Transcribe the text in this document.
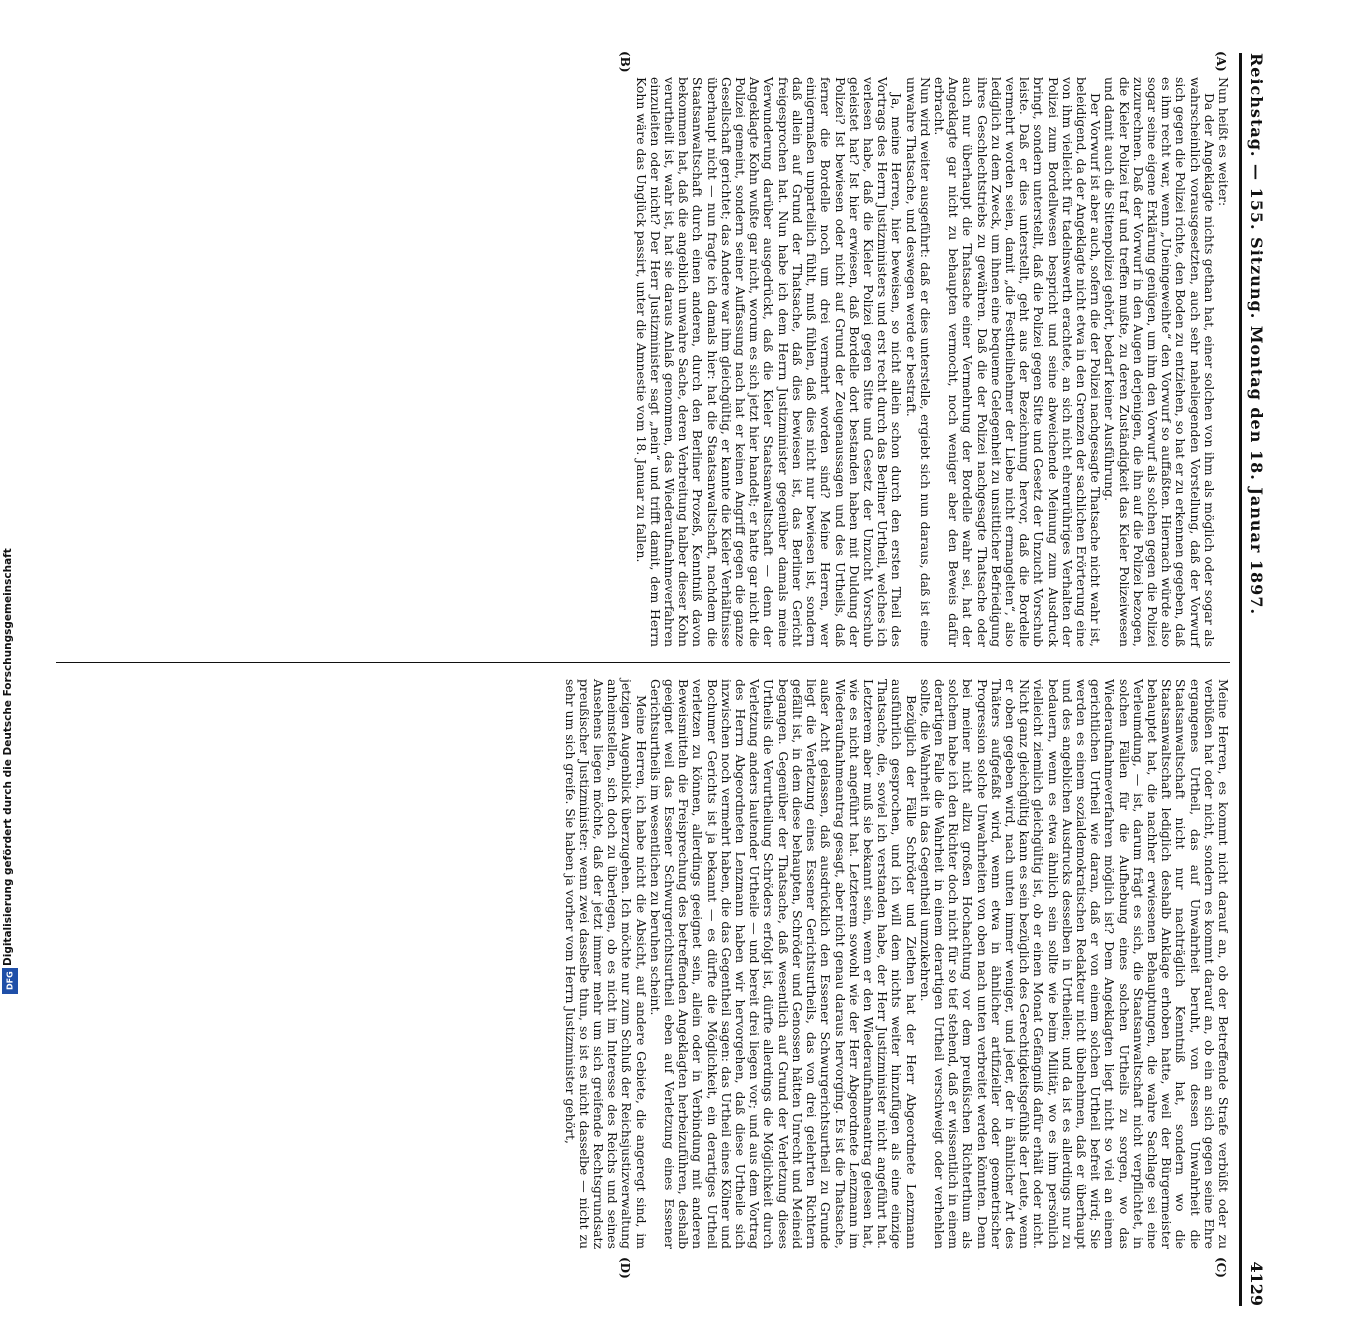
Digitalisierung gefördert durch die Deutsche Forschungsgemeinschaft
DFG
Reichstag. — 155. Sitzung. Montag den 18. Januar 1897.
4129
(A)
(B)
(C)
(D)

Nun heißt es weiter:

Da der Angeklagte nichts gethan hat, einer solchen von ihm als möglich oder sogar als wahrscheinlich vorausgesetzten, auch sehr naheliegenden Vorstellung, daß der Vorwurf sich gegen die Polizei richte, den Boden zu entziehen, so hat er zu erkennen gegeben, daß es ihm recht war, wenn „Uneingeweihte“ den Vorwurf so auffaßten. Hiernach würde also sogar seine eigene Erklärung genügen, um ihm den Vorwurf als solchen gegen die Polizei zuzurechnen. Daß der Vorwurf in den Augen derjenigen, die ihn auf die Polizei bezogen, die Kieler Polizei traf und treffen mußte, zu deren Zuständigkeit das Kieler Polizeiwesen und damit auch die Sittenpolizei gehört, bedarf keiner Ausführung.

Der Vorwurf ist aber auch, sofern die der Polizei nachgesagte Thatsache nicht wahr ist, beleidigend, da der Angeklagte nicht etwa in den Grenzen der sachlichen Erörterung eine von ihm vielleicht für tadelnswerth erachtete, an sich nicht ehrenrühriges Verhalten der Polizei zum Bordellwesen bespricht und seine abweichende Meinung zum Ausdruck bringt, sondern unterstellt, daß die Polizei gegen Sitte und Gesetz der Unzucht Vorschub leiste. Daß er dies unterstellt, geht aus der Bezeichnung hervor, daß die Bordelle vermehrt worden seien, damit „die Festtheilnehmer der Liebe nicht ermangelten“, also lediglich zu dem Zweck, um ihnen eine bequeme Gelegenheit zu unsittlicher Befriedigung ihres Geschlechtstriebs zu gewähren. Daß die der Polizei nachgesagte Thatsache oder auch nur überhaupt die Thatsache einer Vermehrung der Bordelle wahr sei, hat der Angeklagte gar nicht zu behaupten vermocht, noch weniger aber den Beweis dafür erbracht.

Nun wird weiter ausgeführt: daß er dies unterstelle, ergiebt sich nun daraus, daß ist eine unwahre Thatsache, und deswegen werde er bestraft.

Ja, meine Herren, hier beweisen, so nicht allein schon durch den ersten Theil des Vortrags des Herrn Justizministers und erst recht durch das Berliner Urtheil, welches ich verlesen habe, daß die Kieler Polizei gegen Sitte und Gesetz der Unzucht Vorschub geleistet hat? Ist hier erwiesen, daß Bordelle dort bestanden haben mit Duldung der Polizei? Ist bewiesen oder nicht auf Grund der Zeugenaussagen und des Urtheils, daß ferner die Bordelle noch um drei vermehrt worden sind? Meine Herren, wer einigermaßen unparteilich fühlt, muß fühlen, daß dies nicht nur bewiesen ist, sondern daß allein auf Grund der Thatsache, daß dies bewiesen ist, das Berliner Gericht freigesprochen hat. Nun habe ich dem Herrn Justizminister gegenüber damals meine Verwunderung darüber ausgedrückt, daß die Kieler Staatsanwaltschaft — denn der Angeklagte Kohn wußte gar nicht, worum es sich jetzt hier handelt; er hatte gar nicht die Polizei gemeint, sondern seiner Auffassung nach hat er keinen Angriff gegen die ganze Gesellschaft gerichtet; das Andere war ihm gleichgültig, er kannte die Kieler Verhältnisse überhaupt nicht — nun fragte ich damals hier: hat die Staatsanwaltschaft, nachdem die Staatsanwaltschaft durch einen anderen, durch den Berliner Prozeß, Kenntniß davon bekommen hat, daß die angeblich unwahre Sache, deren Verbreitung halber dieser Kohn verurtheilt ist, wahr ist, hat sie daraus Anlaß genommen, das Wiederaufnahmeverfahren einzuleiten oder nicht? Der Herr Justizminister sagt „nein“ und trifft damit, dem Herrn Kohn wäre das Unglück passirt, unter die Amnestie vom 18. Januar zu fallen.

Meine Herren, es kommt nicht darauf an, ob der Betreffende Strafe verbüßt oder zu verbüßen hat oder nicht, sondern es kommt darauf an, ob ein an sich gegen seine Ehre ergangenes Urtheil, das auf Unwahrheit beruht, von dessen Unwahrheit die Staatsanwaltschaft nicht nur nachträglich Kenntniß hat, sondern wo die Staatsanwaltschaft lediglich deshalb Anklage erhoben hatte, weil der Bürgermeister behauptet hat, die nachher erwiesenen Behauptungen, die wahre Sachlage sei eine Verleumdung, — ist, darum frägt es sich, die Staatsanwaltschaft nicht verpflichtet, in solchen Fällen für die Aufhebung eines solchen Urtheils zu sorgen, wo das Wiederaufnahmeverfahren möglich ist? Dem Angeklagten liegt nicht so viel an einem gerichtlichen Urtheil wie daran, daß er von einem solchen Urtheil befreit wird; Sie werden es einem sozialdemokratischen Redakteur nicht übelnehmen, daß er überhaupt und des angeblichen Ausdrucks desselben in Urtheilen; und da ist es allerdings nur zu bedauern, wenn es etwa ähnlich sein sollte wie beim Militär, wo es ihm persönlich vielleicht ziemlich gleichgültig ist, ob er einen Monat Gefängniß dafür erhält oder nicht. Nicht ganz gleichgültig kann es sein bezüglich des Gerechtigkeitsgefühls der Leute, wenn er oben gegeben wird, nach unten immer weniger, und jeder, der in ähnlicher Art des Thäters aufgefaßt wird, wenn etwa in ähnlicher artifizieller oder geometrischer Progression solche Unwahrheiten von oben nach unten verbreitet werden könnten. Denn bei meiner nicht allzu großen Hochachtung vor dem preußischen Richterthum als solchem habe ich den Richter doch nicht für so tief stehend, daß er wissentlich in einem derartigen Falle die Wahrheit in einem derartigen Urtheil verschweigt oder verhehlen sollte, die Wahrheit in das Gegentheil umzukehren.

Bezüglich der Fälle Schröder und Ziethen hat der Herr Abgeordnete Lenzmann ausführlich gesprochen, und ich will dem nichts weiter hinzufügen als eine einzige Thatsache, die, soviel ich verstanden habe, der Herr Justizminister nicht angeführt hat. Letzterem aber muß sie bekannt sein, wenn er den Wiederaufnahmeantrag gelesen hat, wie es nicht angeführt hat. Letzterem sowohl wie der Herr Abgeordnete Lenzmann im Wiederaufnahmeantrag gesagt, aber nicht genau daraus hervorging. Es ist die Thatsache, außer Acht gelassen, daß ausdrücklich den Essener Schwurgerichtsurtheil zu Grunde liegt die Verletzung eines Essener Gerichtsurtheils, das von drei gelehrten Richtern gefällt ist, in dem diese behaupten, Schröder und Genossen hätten Unrecht und Meineid begangen. Gegenüber der Thatsache, daß wesentlich auf Grund der Verletzung dieses Urtheils die Verurtheilung Schröders erfolgt ist, dürfte allerdings die Möglichkeit durch Verletzung anders lautender Urtheile — und bereit drei liegen vor; und aus dem Vortrag des Herrn Abgeordneten Lenzmann haben wir hervorgehen, daß diese Urtheile sich inzwischen noch vermehrt haben, die das Gegentheil sagen: das Urtheil eines Kölner und Bochumer Gerichts ist ja bekannt — es dürfte die Möglichkeit, ein derartiges Urtheil verletzen zu können, allerdings geeignet sein, allein oder in Verbindung mit anderen Beweismitteln die Freisprechung des betreffenden Angeklagten herbeizuführen, deshalb geeignet weil das Essener Schwurgerichtsurtheil eben auf Verletzung eines Essener Gerichtsurtheils im wesentlichen zu beruhen scheint.

Meine Herren, ich habe nicht die Absicht, auf andere Gebiete, die angeregt sind, im jetzigen Augenblick überzugehen. Ich möchte nur zum Schluß der Reichsjustizverwaltung anheimstellen, sich doch zu überlegen, ob es nicht im Interesse des Reichs und seines Ansehens liegen möchte, daß der jetzt immer mehr um sich greifende Rechtsgrundsatz preußischer Justizminister: wenn zwei dasselbe thun, so ist es nicht dasselbe — nicht zu sehr um sich greife. Sie haben ja vorher vom Herrn Justizminister gehört,
